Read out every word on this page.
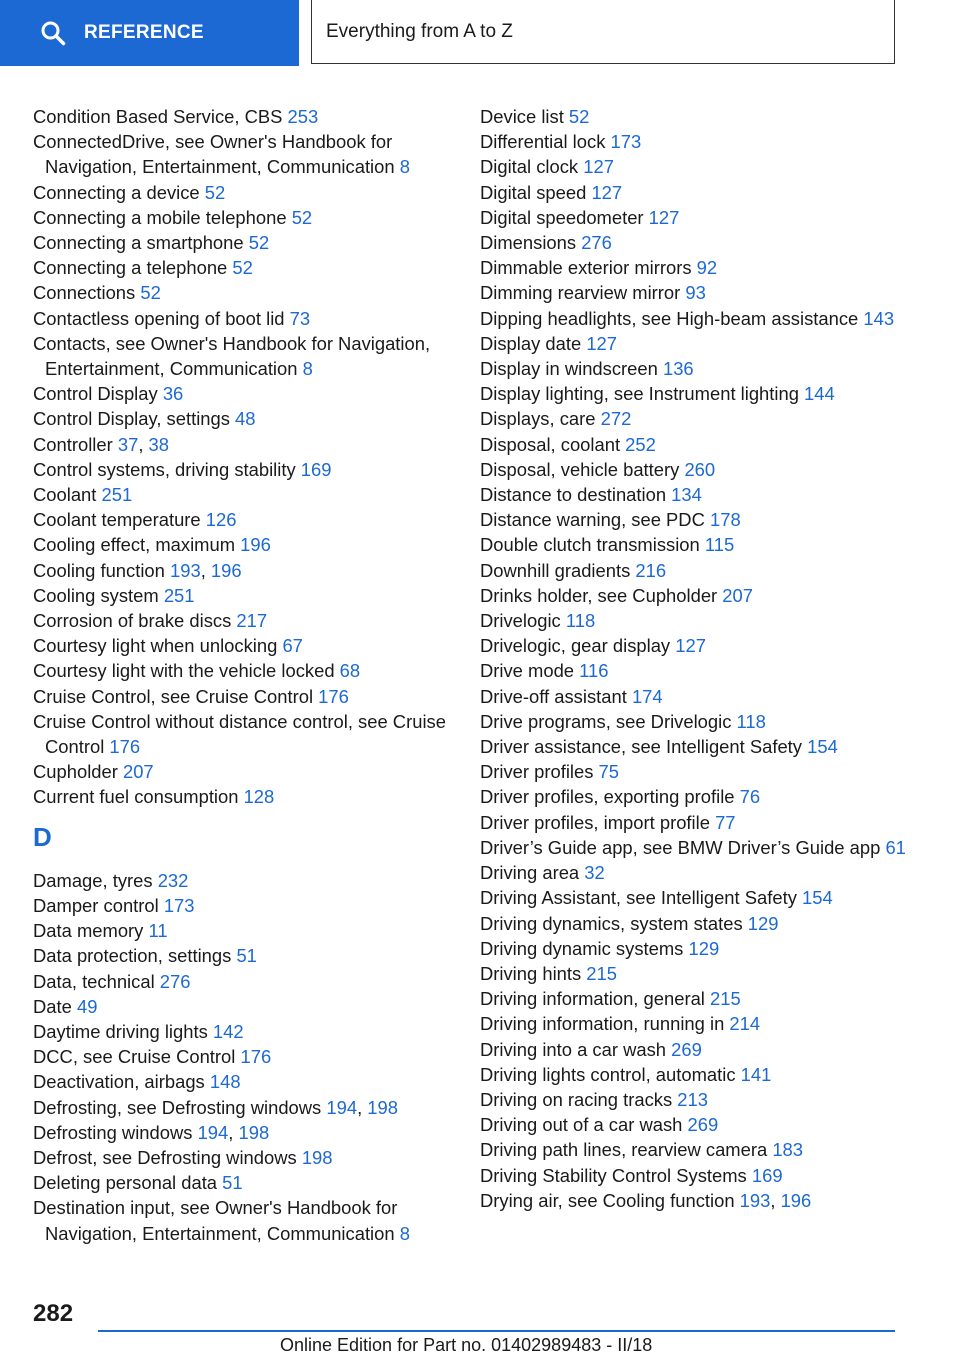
REFERENCE	Everything from A to Z
Condition Based Service, CBS 253
ConnectedDrive, see Owner's Handbook for Navigation, Entertainment, Communication 8
Connecting a device 52
Connecting a mobile telephone 52
Connecting a smartphone 52
Connecting a telephone 52
Connections 52
Contactless opening of boot lid 73
Contacts, see Owner's Handbook for Navigation, Entertainment, Communication 8
Control Display 36
Control Display, settings 48
Controller 37, 38
Control systems, driving stability 169
Coolant 251
Coolant temperature 126
Cooling effect, maximum 196
Cooling function 193, 196
Cooling system 251
Corrosion of brake discs 217
Courtesy light when unlocking 67
Courtesy light with the vehicle locked 68
Cruise Control, see Cruise Control 176
Cruise Control without distance control, see Cruise Control 176
Cupholder 207
Current fuel consumption 128
D
Damage, tyres 232
Damper control 173
Data memory 11
Data protection, settings 51
Data, technical 276
Date 49
Daytime driving lights 142
DCC, see Cruise Control 176
Deactivation, airbags 148
Defrosting, see Defrosting windows 194, 198
Defrosting windows 194, 198
Defrost, see Defrosting windows 198
Deleting personal data 51
Destination input, see Owner's Handbook for Navigation, Entertainment, Communication 8
Device list 52
Differential lock 173
Digital clock 127
Digital speed 127
Digital speedometer 127
Dimensions 276
Dimmable exterior mirrors 92
Dimming rearview mirror 93
Dipping headlights, see High-beam assistance 143
Display date 127
Display in windscreen 136
Display lighting, see Instrument lighting 144
Displays, care 272
Disposal, coolant 252
Disposal, vehicle battery 260
Distance to destination 134
Distance warning, see PDC 178
Double clutch transmission 115
Downhill gradients 216
Drinks holder, see Cupholder 207
Drivelogic 118
Drivelogic, gear display 127
Drive mode 116
Drive-off assistant 174
Drive programs, see Drivelogic 118
Driver assistance, see Intelligent Safety 154
Driver profiles 75
Driver profiles, exporting profile 76
Driver profiles, import profile 77
Driver’s Guide app, see BMW Driver’s Guide app 61
Driving area 32
Driving Assistant, see Intelligent Safety 154
Driving dynamics, system states 129
Driving dynamic systems 129
Driving hints 215
Driving information, general 215
Driving information, running in 214
Driving into a car wash 269
Driving lights control, automatic 141
Driving on racing tracks 213
Driving out of a car wash 269
Driving path lines, rearview camera 183
Driving Stability Control Systems 169
Drying air, see Cooling function 193, 196
282
Online Edition for Part no. 01402989483 - II/18
